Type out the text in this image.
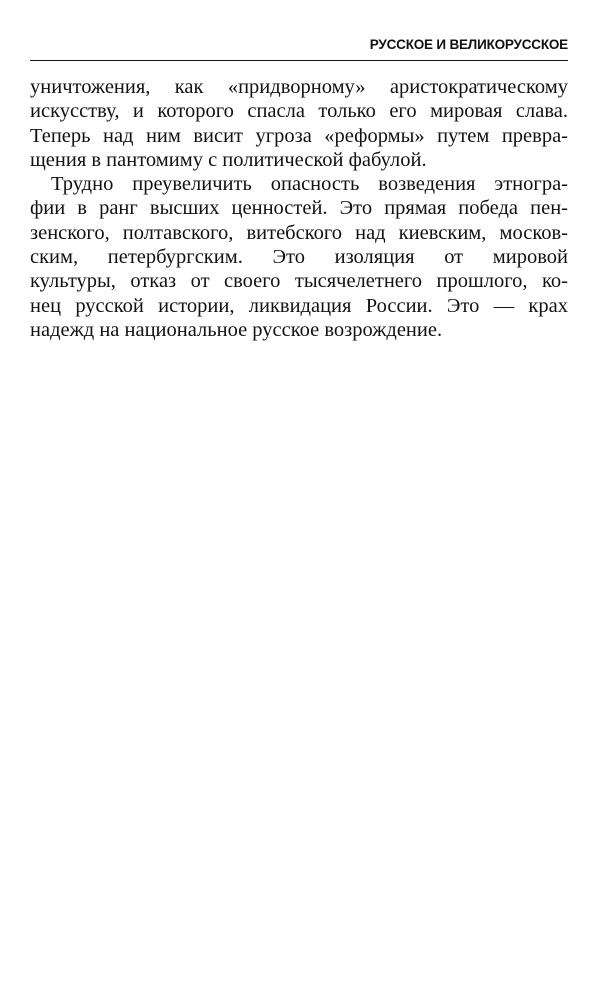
РУССКОЕ И ВЕЛИКОРУССКОЕ
уничтожения, как «придворному» аристократическому
искусству, и которого спасла только его мировая слава.
Теперь над ним висит угроза «реформы» путем превра-
щения в пантомиму с политической фабулой.
Трудно преувеличить опасность возведения этногра-
фии в ранг высших ценностей. Это прямая победа пен-
зенского, полтавского, витебского над киевским, москов-
ским, петербургским. Это изоляция от мировой
культуры, отказ от своего тысячелетнего прошлого, ко-
нец русской истории, ликвидация России. Это — крах
надежд на национальное русское возрождение.
